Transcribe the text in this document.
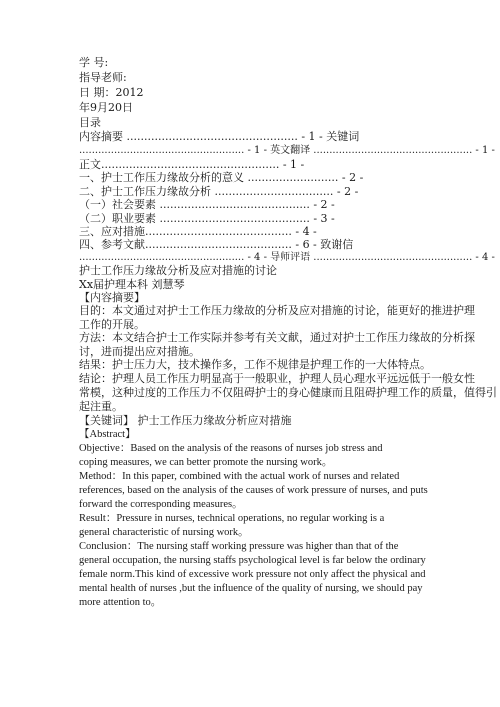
学 号:
指导老师:
日 期：2012
年9月20日
目录
内容摘要 ................................................. - 1 - 关键词
.................................................... - 1 - 英文翻译 .................................................. - 1 -
正文................................................... - 1 -
一、护士工作压力缘故分析的意义 .......................... - 2 -
二、护士工作压力缘故分析 .................................. - 2 -
（一）社会要素 ........................................... - 2 -
（二）职业要素 ........................................... - 3 -
三、应对措施.......................................... - 4 -
四、参考文献.......................................... - 6 - 致谢信
.................................................... - 4 - 导师评语 .................................................. - 4 -
护士工作压力缘故分析及应对措施的讨论
Xx届护理本科 刘慧琴
【内容摘要】
目的：本文通过对护士工作压力缘故的分析及应对措施的讨论，能更好的推进护理
工作的开展。
方法：本文结合护士工作实际并参考有关文献，通过对护士工作压力缘故的分析探
讨，进而提出应对措施。
结果：护士压力大，技术操作多，工作不规律是护理工作的一大体特点。
结论：护理人员工作压力明显高于一般职业，护理人员心理水平远远低于一般女性
常模，这种过度的工作压力不仅阻碍护士的身心健康而且阻碍护理工作的质量，值得引
起注重。
【关键词】 护士工作压力缘故分析应对措施
【Abstract】
Objective：Based on the analysis of the reasons of nurses job stress and
coping measures, we can better promote the nursing work。
Method：In this paper, combined with the actual work of nurses and related
references, based on the analysis of the causes of work pressure of nurses, and puts
forward the corresponding measures。
Result：Pressure in nurses, technical operations, no regular working is a
general characteristic of nursing work。
Conclusion：The nursing staff working pressure was higher than that of the
general occupation, the nursing staffs psychological level is far below the ordinary
female norm.This kind of excessive work pressure not only affect the physical and
mental health of nurses ,but the influence of the quality of nursing, we should pay
more attention to。
